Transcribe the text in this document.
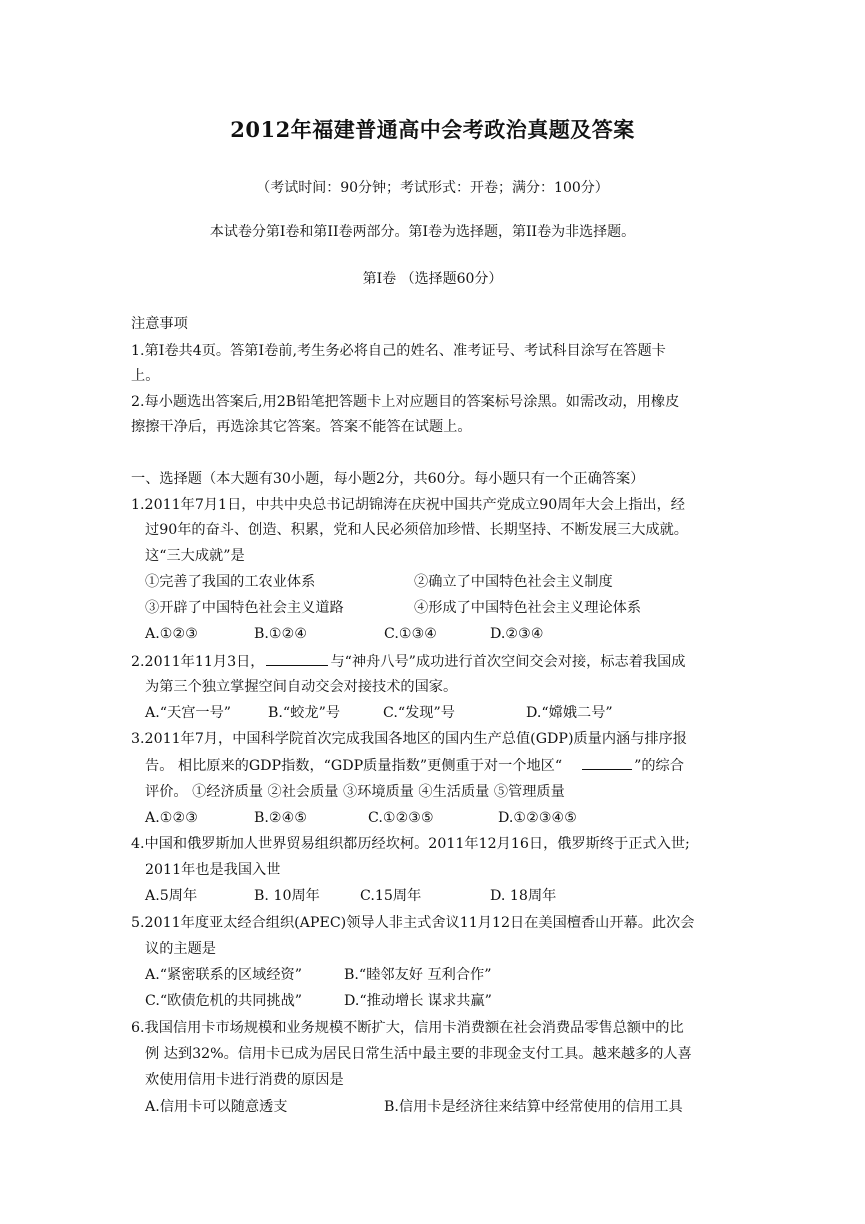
2012年福建普通高中会考政治真题及答案
（考试时间：90分钟；考试形式：开卷；满分：100分）
本试卷分第I卷和第II卷两部分。第I卷为选择题，第II卷为非选择题。
第I卷 （选择题60分）
注意事项
1.第I卷共4页。答第I卷前,考生务必将自己的姓名、准考证号、考试科目涂写在答题卡
上。
2.每小题选出答案后,用2B铅笔把答题卡上对应题目的答案标号涂黑。如需改动，用橡皮
擦擦干净后，再选涂其它答案。答案不能答在试题上。
一、选择题（本大题有30小题，每小题2分，共60分。每小题只有一个正确答案）
1.2011年7月1日，中共中央总书记胡锦涛在庆祝中国共产党成立90周年大会上指出，经
过90年的奋斗、创造、积累，党和人民必须倍加珍惜、长期坚持、不断发展三大成就。
这“三大成就”是
①完善了我国的工农业体系	②确立了中国特色社会主义制度
③开辟了中国特色社会主义道路	④形成了中国特色社会主义理论体系
A.①②③	B.①②④	C.①③④	D.②③④
2.2011年11月3日，	与“神舟八号”成功进行首次空间交会对接，标志着我国成
为第三个独立掌握空间自动交会对接技术的国家。
A.“天宫一号”	B.“蛟龙”号	C.“发现”号	D.“嫦娥二号”
3.2011年7月，中国科学院首次完成我国各地区的国内生产总值(GDP)质量内涵与排序报
告。 相比原来的GDP指数，“GDP质量指数”更侧重于对一个地区“	”的综合
评价。 ①经济质量 ②社会质量 ③环境质量 ④生活质量 ⑤管理质量
A.①②③	B.②④⑤	C.①②③⑤	D.①②③④⑤
4.中国和俄罗斯加人世界贸易组织都历经坎柯。2011年12月16日，俄罗斯终于正式入世;
2011年也是我国入世
A.5周年	B. 10周年	C.15周年	D. 18周年
5.2011年度亚太经合组织(APEC)领导人非主式舍议11月12日在美国檀香山开幕。此次会
议的主题是
A.“紧密联系的区域经资”	B.“睦邻友好 互利合作”
C.“欧债危机的共同挑战”	D.“推动增长 谋求共赢”
6.我国信用卡市场规模和业务规模不断扩大，信用卡消费额在社会消费品零售总额中的比
例 达到32%。信用卡已成为居民日常生活中最主要的非现金支付工具。越来越多的人喜
欢使用信用卡进行消费的原因是
A.信用卡可以随意透支	B.信用卡是经济往来结算中经常使用的信用工具
